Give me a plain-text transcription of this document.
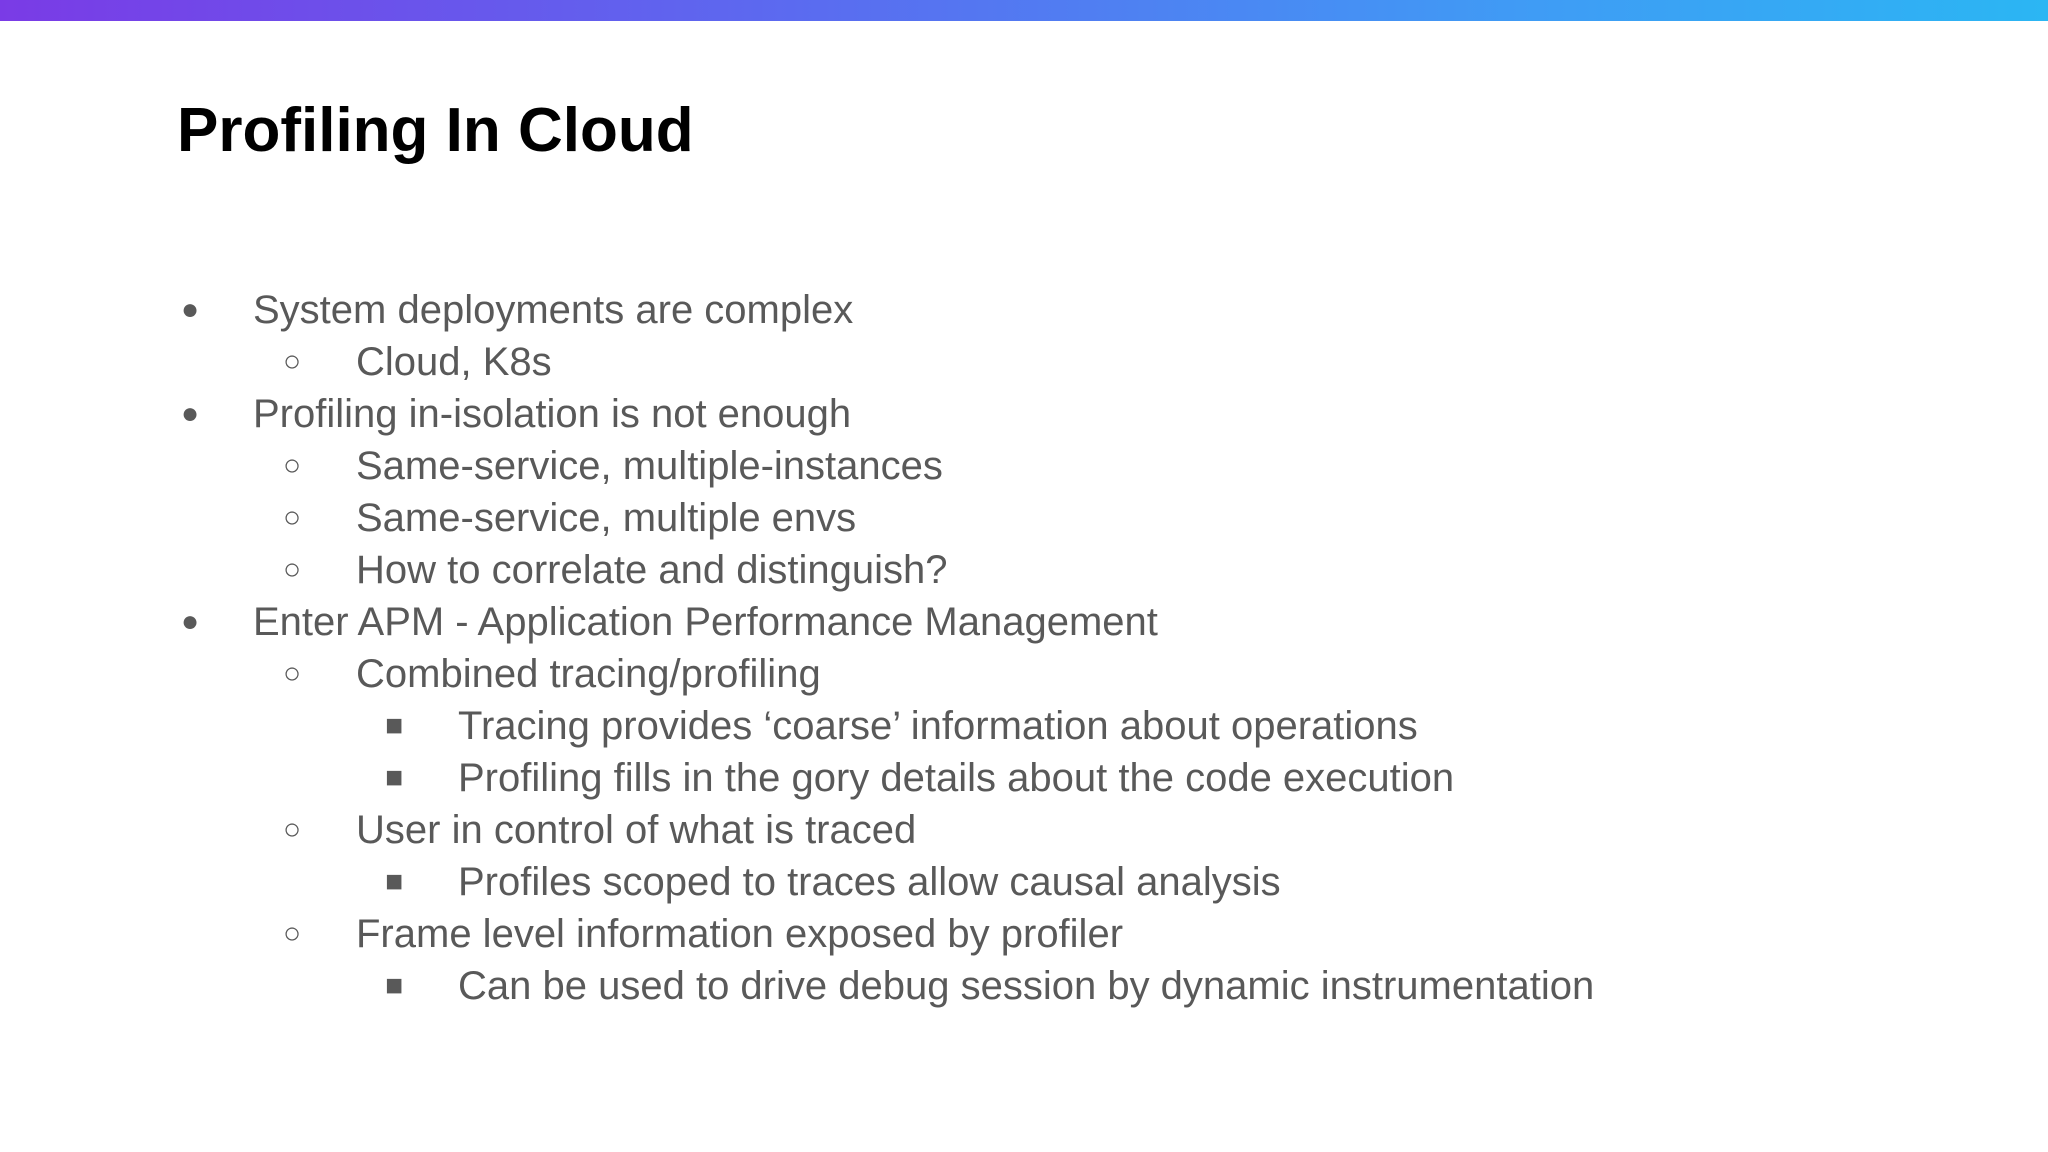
Profiling In Cloud
● System deployments are complex
○ Cloud, K8s
● Profiling in-isolation is not enough
○ Same-service, multiple-instances
○ Same-service, multiple envs
○ How to correlate and distinguish?
● Enter APM - Application Performance Management
○ Combined tracing/profiling
■ Tracing provides ‘coarse’ information about operations
■ Profiling fills in the gory details about the code execution
○ User in control of what is traced
■ Profiles scoped to traces allow causal analysis
○ Frame level information exposed by profiler
■ Can be used to drive debug session by dynamic instrumentation
